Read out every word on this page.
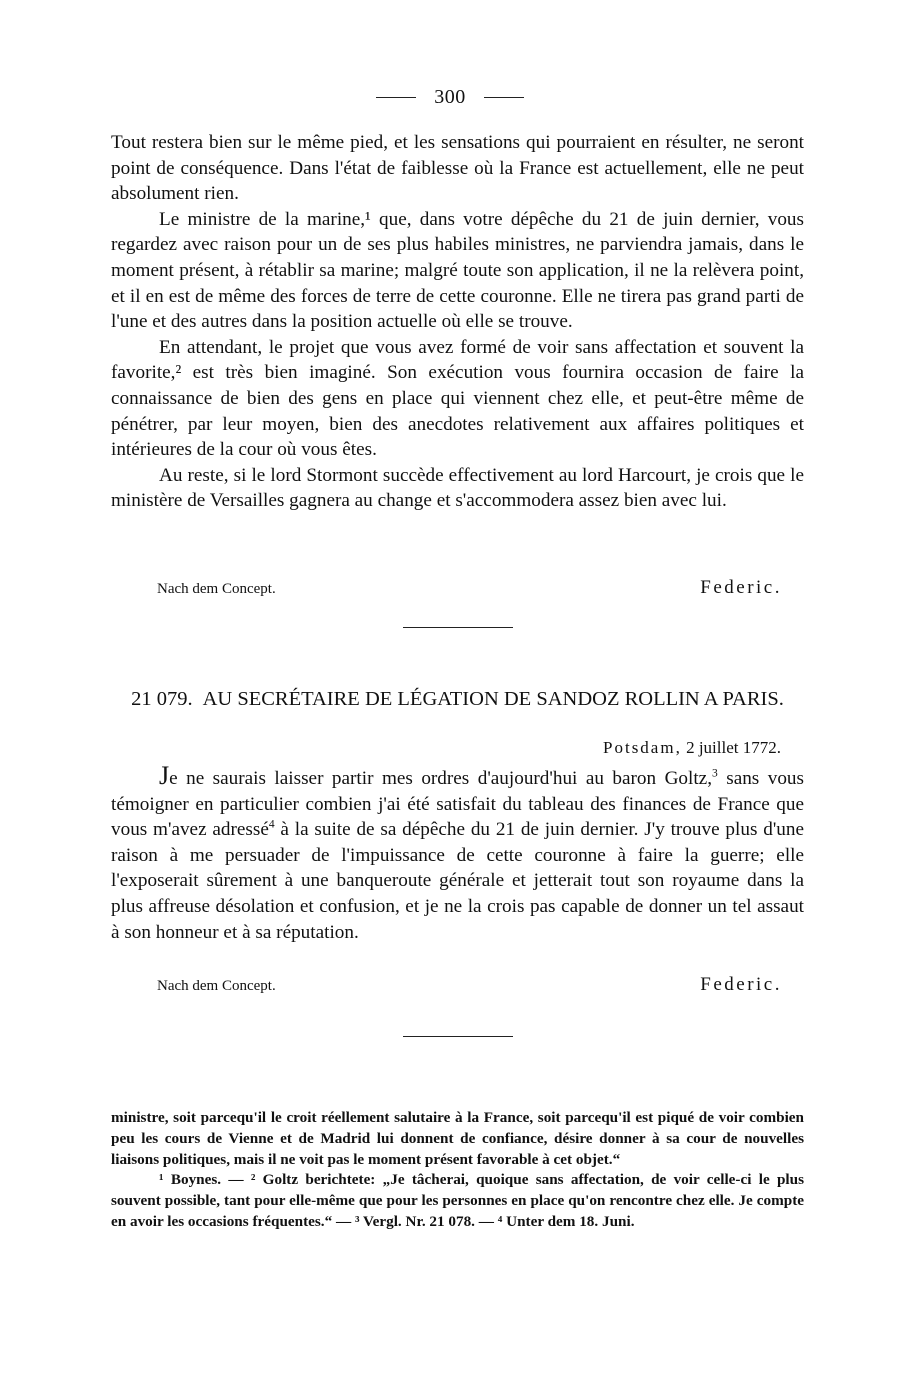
300

Tout restera bien sur le même pied, et les sensations qui pourraient en résulter, ne seront point de conséquence. Dans l'état de faiblesse où la France est actuellement, elle ne peut absolument rien.

Le ministre de la marine,¹ que, dans votre dépêche du 21 de juin dernier, vous regardez avec raison pour un de ses plus habiles ministres, ne parviendra jamais, dans le moment présent, à rétablir sa marine; malgré toute son application, il ne la relèvera point, et il en est de même des forces de terre de cette couronne. Elle ne tirera pas grand parti de l'une et des autres dans la position actuelle où elle se trouve.

En attendant, le projet que vous avez formé de voir sans affectation et souvent la favorite,² est très bien imaginé. Son exécution vous fournira occasion de faire la connaissance de bien des gens en place qui viennent chez elle, et peut-être même de pénétrer, par leur moyen, bien des anecdotes relativement aux affaires politiques et intérieures de la cour où vous êtes.

Au reste, si le lord Stormont succède effectivement au lord Harcourt, je crois que le ministère de Versailles gagnera au change et s'accommodera assez bien avec lui.

Nach dem Concept.	Federic.
21 079. AU SECRÉTAIRE DE LÉGATION DE SANDOZ ROLLIN A PARIS.
Potsdam, 2 juillet 1772.

Je ne saurais laisser partir mes ordres d'aujourd'hui au baron Goltz,$^3$ sans vous témoigner en particulier combien j'ai été satisfait du tableau des finances de France que vous m'avez adressé$^4$ à la suite de sa dépêche du 21 de juin dernier. J'y trouve plus d'une raison à me persuader de l'impuissance de cette couronne à faire la guerre; elle l'exposerait sûrement à une banqueroute générale et jetterait tout son royaume dans la plus affreuse désolation et confusion, et je ne la crois pas capable de donner un tel assaut à son honneur et à sa réputation.

Nach dem Concept.	Federic.

ministre, soit parcequ'il le croit réellement salutaire à la France, soit parcequ'il est piqué de voir combien peu les cours de Vienne et de Madrid lui donnent de confiance, désire donner à sa cour de nouvelles liaisons politiques, mais il ne voit pas le moment présent favorable à cet objet.“

¹ Boynes. — ² Goltz berichtete: „Je tâcherai, quoique sans affectation, de voir celle-ci le plus souvent possible, tant pour elle-même que pour les personnes en place qu'on rencontre chez elle. Je compte en avoir les occasions fréquentes.“ — ³ Vergl. Nr. 21 078. — ⁴ Unter dem 18. Juni.
